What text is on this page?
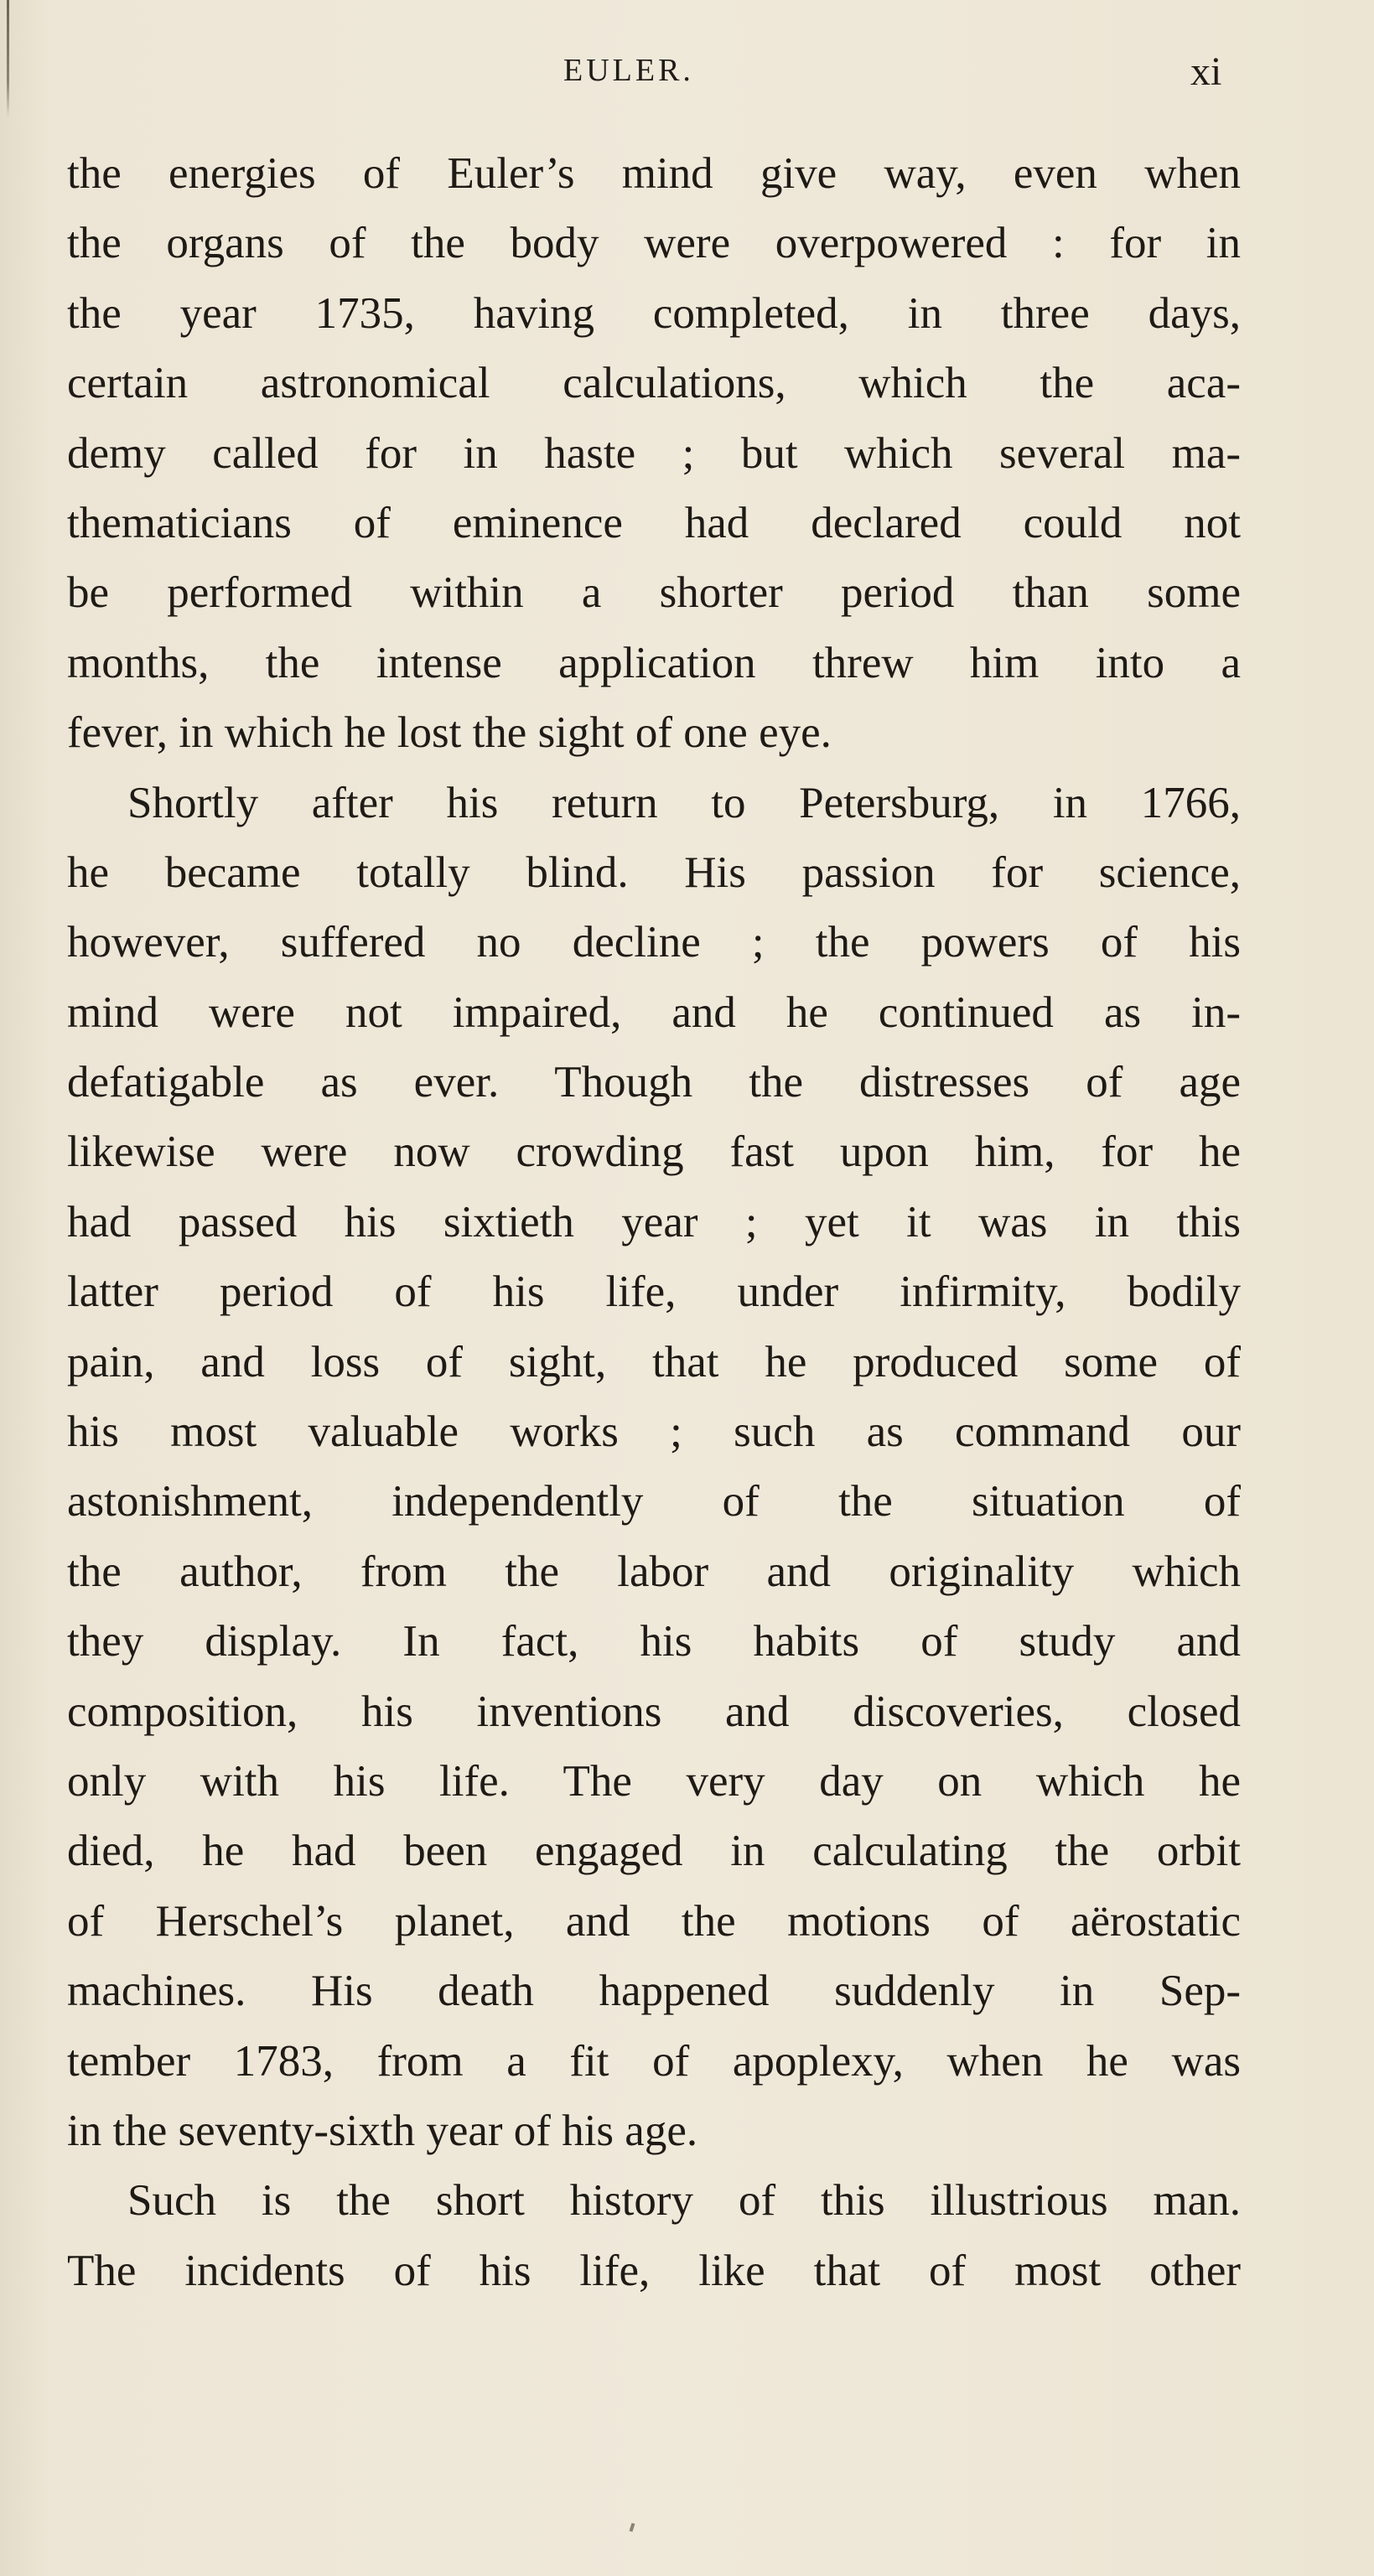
EULER.	xi
the energies of Euler’s mind give way, even when
the organs of the body were overpowered : for in
the year 1735, having completed, in three days,
certain astronomical calculations, which the aca-
demy called for in haste ; but which several ma-
thematicians of eminence had declared could not
be performed within a shorter period than some
months, the intense application threw him into a
fever, in which he lost the sight of one eye.
Shortly after his return to Petersburg, in 1766,
he became totally blind. His passion for science,
however, suffered no decline ; the powers of his
mind were not impaired, and he continued as in-
defatigable as ever. Though the distresses of age
likewise were now crowding fast upon him, for he
had passed his sixtieth year ; yet it was in this
latter period of his life, under infirmity, bodily
pain, and loss of sight, that he produced some of
his most valuable works ; such as command our
astonishment, independently of the situation of
the author, from the labor and originality which
they display. In fact, his habits of study and
composition, his inventions and discoveries, closed
only with his life. The very day on which he
died, he had been engaged in calculating the orbit
of Herschel’s planet, and the motions of aërostatic
machines. His death happened suddenly in Sep-
tember 1783, from a fit of apoplexy, when he was
in the seventy-sixth year of his age.
Such is the short history of this illustrious man.
The incidents of his life, like that of most other
